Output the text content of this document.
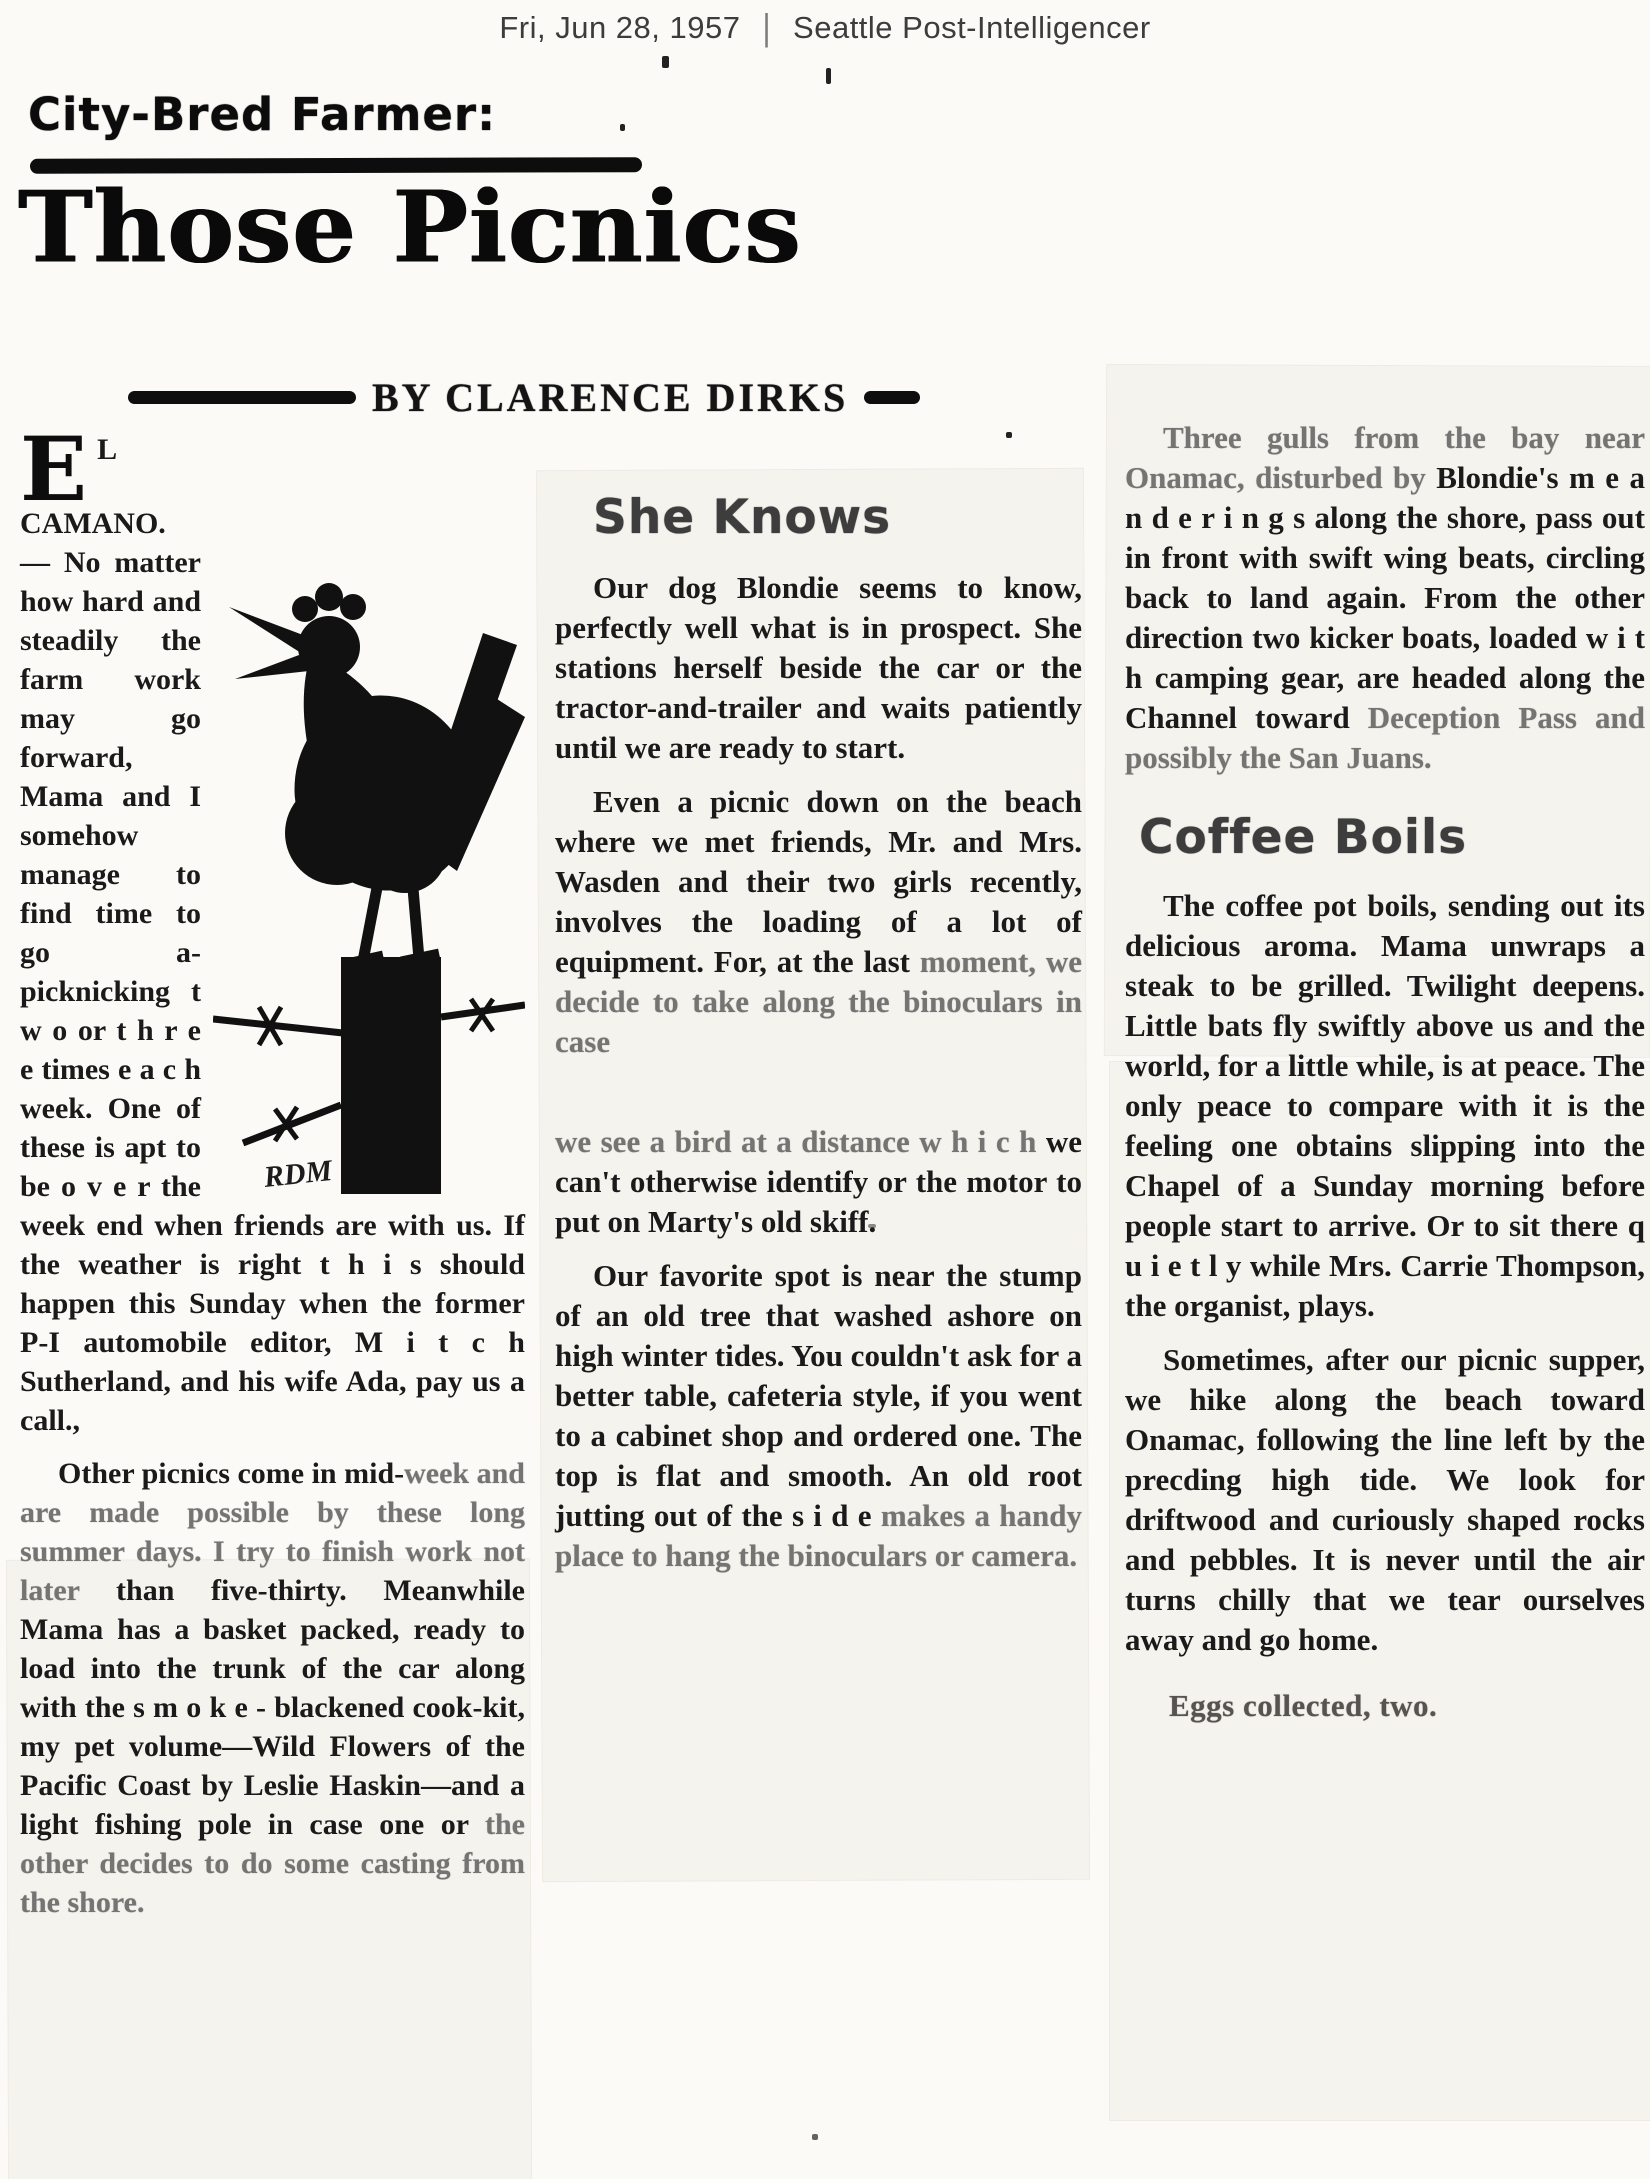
Fri, Jun 28, 1957 | Seattle Post-Intelligencer
City-Bred Farmer:
Those Picnics
BY CLARENCE DIRKS

RDM
E L CAMANO. — No matter how hard and steadily the farm work may go forward, Mama and I somehow manage to find time to go a-picknicking t w o or t h r e e times e a c h week. One of these is apt to be o v e r the week end when friends are with us. If the weather is right t h i s should happen this Sunday when the former P-I automobile editor, M i t c h Sutherland, and his wife Ada, pay us a call.,

Other picnics come in mid-week and are made possible by these long summer days. I try to finish work not later than five-thirty. Meanwhile Mama has a basket packed, ready to load into the trunk of the car along with the s m o k e - blackened cook-kit, my pet volume—Wild Flowers of the Pacific Coast by Leslie Haskin—and a light fishing pole in case one or the other decides to do some casting from the shore.

She Knows

Our dog Blondie seems to know, perfectly well what is in prospect. She stations herself beside the car or the tractor-and-trailer and waits patiently until we are ready to start.

Even a picnic down on the beach where we met friends, Mr. and Mrs. Wasden and their two girls recently, involves the loading of a lot of equipment. For, at the last moment, we decide to take along the binoculars in case

we see a bird at a distance w h i c h we can't otherwise identify or the motor to put on Marty's old skiff.

Our favorite spot is near the stump of an old tree that washed ashore on high winter tides. You couldn't ask for a better table, cafeteria style, if you went to a cabinet shop and ordered one. The top is flat and smooth. An old root jutting out of the s i d e makes a handy place to hang the binoculars or camera.

Three gulls from the bay near Onamac, disturbed by Blondie's m e a n d e r i n g s along the shore, pass out in front with swift wing beats, circling back to land again. From the other direction two kicker boats, loaded w i t h camping gear, are headed along the Channel toward Deception Pass and possibly the San Juans.

Coffee Boils

The coffee pot boils, sending out its delicious aroma. Mama unwraps a steak to be grilled. Twilight deepens. Little bats fly swiftly above us and the world, for a little while, is at peace. The only peace to compare with it is the feeling one obtains slipping into the Chapel of a Sunday morning before people start to arrive. Or to sit there q u i e t l y while Mrs. Carrie Thompson, the organist, plays.

Sometimes, after our picnic supper, we hike along the beach toward Onamac, following the line left by the precding high tide. We look for driftwood and curiously shaped rocks and pebbles. It is never until the air turns chilly that we tear ourselves away and go home.

Eggs collected, two.
